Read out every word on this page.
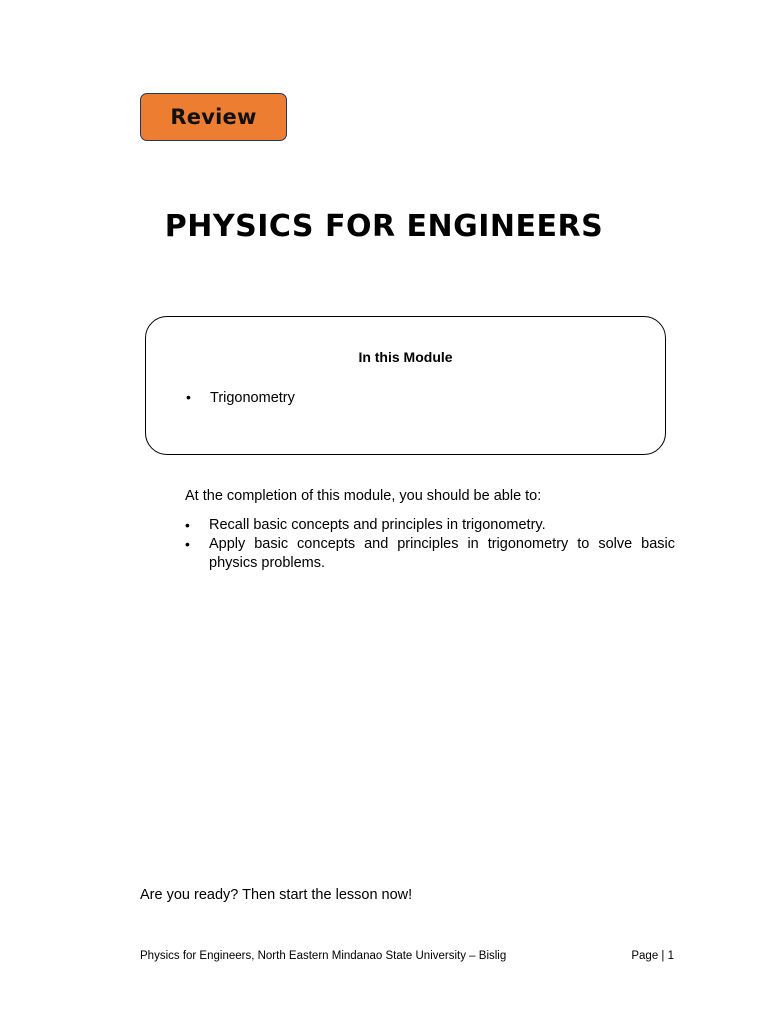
Review
PHYSICS FOR ENGINEERS
In this Module
•	Trigonometry

At the completion of this module, you should be able to:

•	Recall basic concepts and principles in trigonometry.
•	Apply basic concepts and principles in trigonometry to solve basic physics problems.

Are you ready? Then start the lesson now!

Physics for Engineers, North Eastern Mindanao State University – Bislig	Page | 1
